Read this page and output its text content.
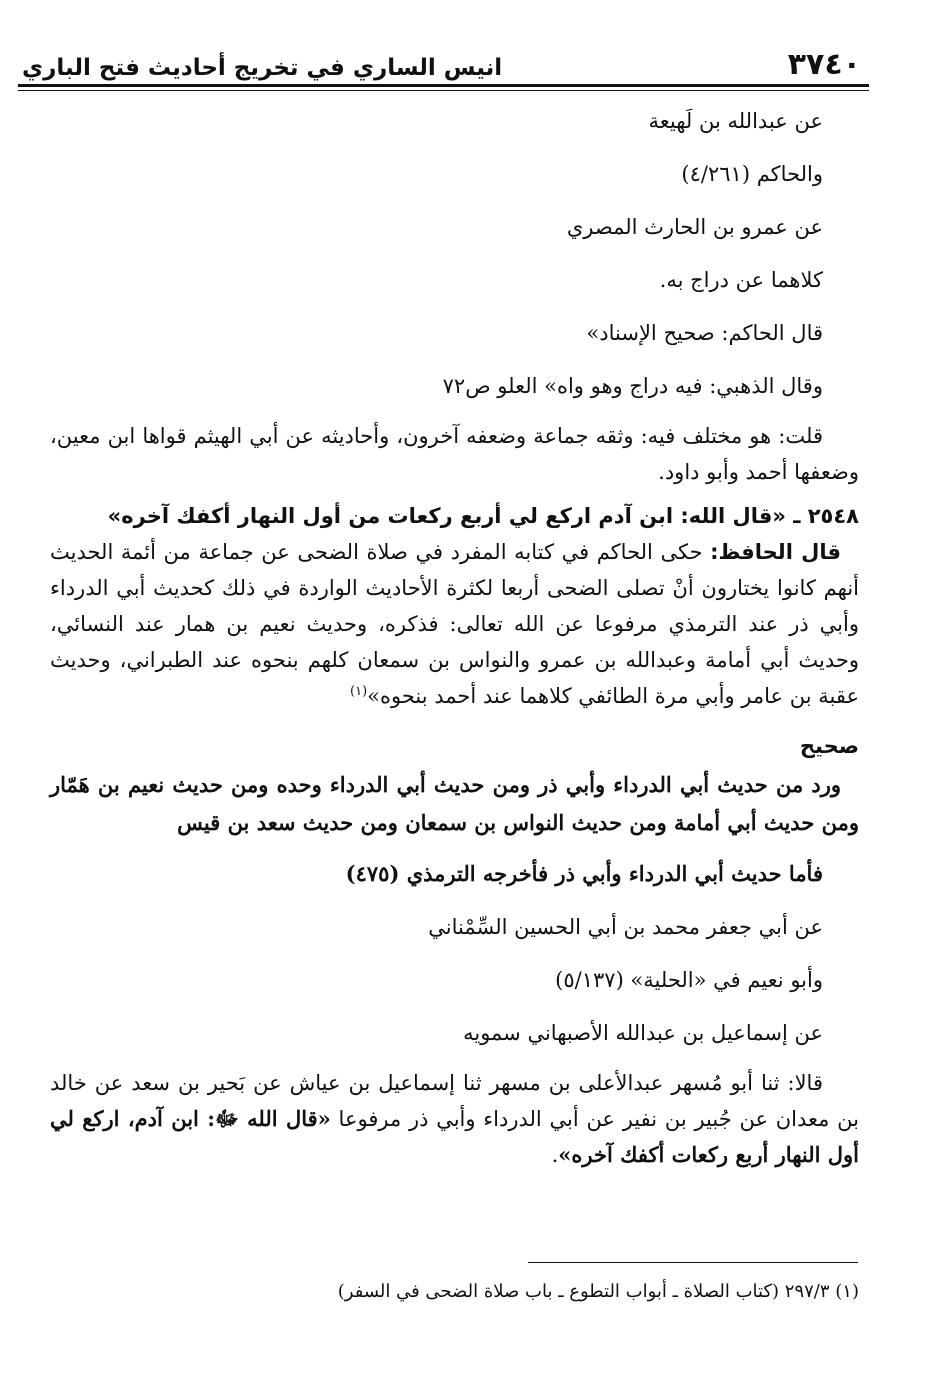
٣٧٤٠
انيس الساري في تخريج أحاديث فتح الباري
عن عبدالله بن لَهيعة
والحاكم (٤/٢٦١)
عن عمرو بن الحارث المصري
كلاهما عن دراج به.
قال الحاكم: صحيح الإسناد»
وقال الذهبي: فيه دراج وهو واه» العلو ص٧٢
قلت: هو مختلف فيه: وثقه جماعة وضعفه آخرون، وأحاديثه عن أبي الهيثم قواها ابن معين، وضعفها أحمد وأبو داود.
٢٥٤٨ ـ «قال الله: ابن آدم اركع لي أربع ركعات من أول النهار أكفك آخره»
قال الحافظ: حكى الحاكم في كتابه المفرد في صلاة الضحى عن جماعة من أئمة الحديث أنهم كانوا يختارون أنْ تصلى الضحى أربعا لكثرة الأحاديث الواردة في ذلك كحديث أبي الدرداء وأبي ذر عند الترمذي مرفوعا عن الله تعالى: فذكره، وحديث نعيم بن همار عند النسائي، وحديث أبي أمامة وعبدالله بن عمرو والنواس بن سمعان كلهم بنحوه عند الطبراني، وحديث عقبة بن عامر وأبي مرة الطائفي كلاهما عند أحمد بنحوه»$^{(١)}$
صحيح
ورد من حديث أبي الدرداء وأبي ذر ومن حديث أبي الدرداء وحده ومن حديث نعيم بن هَمّار ومن حديث أبي أمامة ومن حديث النواس بن سمعان ومن حديث سعد بن قيس
فأما حديث أبي الدرداء وأبي ذر فأخرجه الترمذي (٤٧٥)
عن أبي جعفر محمد بن أبي الحسين السِّمْناني
وأبو نعيم في «الحلية» (٥/١٣٧)
عن إسماعيل بن عبدالله الأصبهاني سمويه
قالا: ثنا أبو مُسهر عبدالأعلى بن مسهر ثنا إسماعيل بن عياش عن بَحير بن سعد عن خالد بن معدان عن جُبير بن نفير عن أبي الدرداء وأبي ذر مرفوعا «قال الله ﷻ: ابن آدم، اركع لي أول النهار أربع ركعات أكفك آخره».
(١) ٢٩٧/٣ (كتاب الصلاة ـ أبواب التطوع ـ باب صلاة الضحى في السفر)
